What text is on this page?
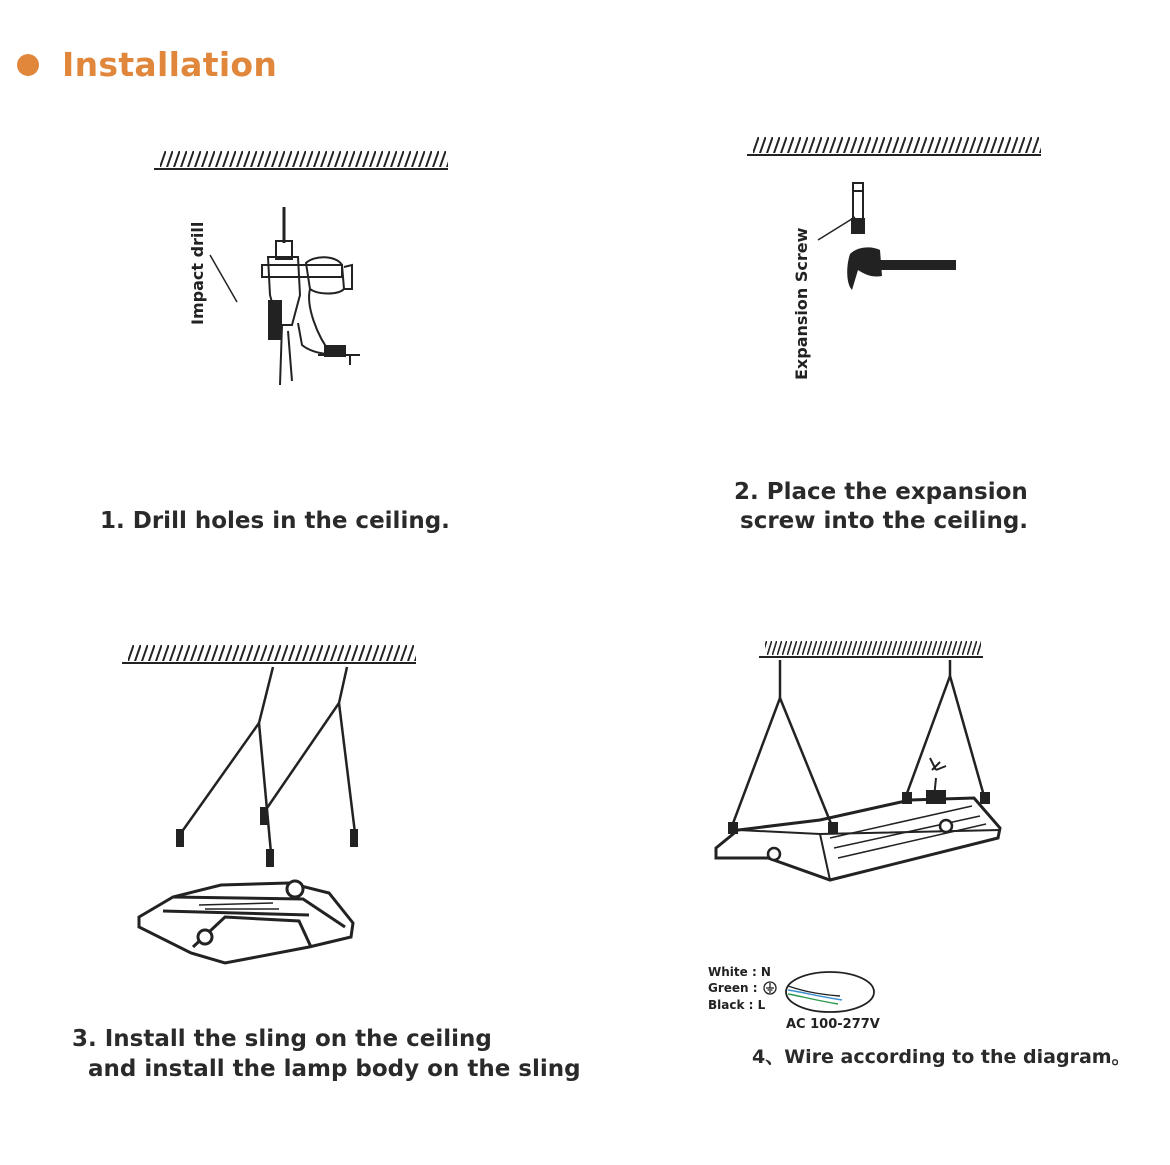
Installation
Impact drill
1. Drill holes in the ceiling.
Expansion Screw
2. Place the expansion
screw into the ceiling.
3. Install the sling on the ceiling
and install the lamp body on the sling
White : N
Green :
Black : L
AC 100-277V
4、Wire according to the diagram。
